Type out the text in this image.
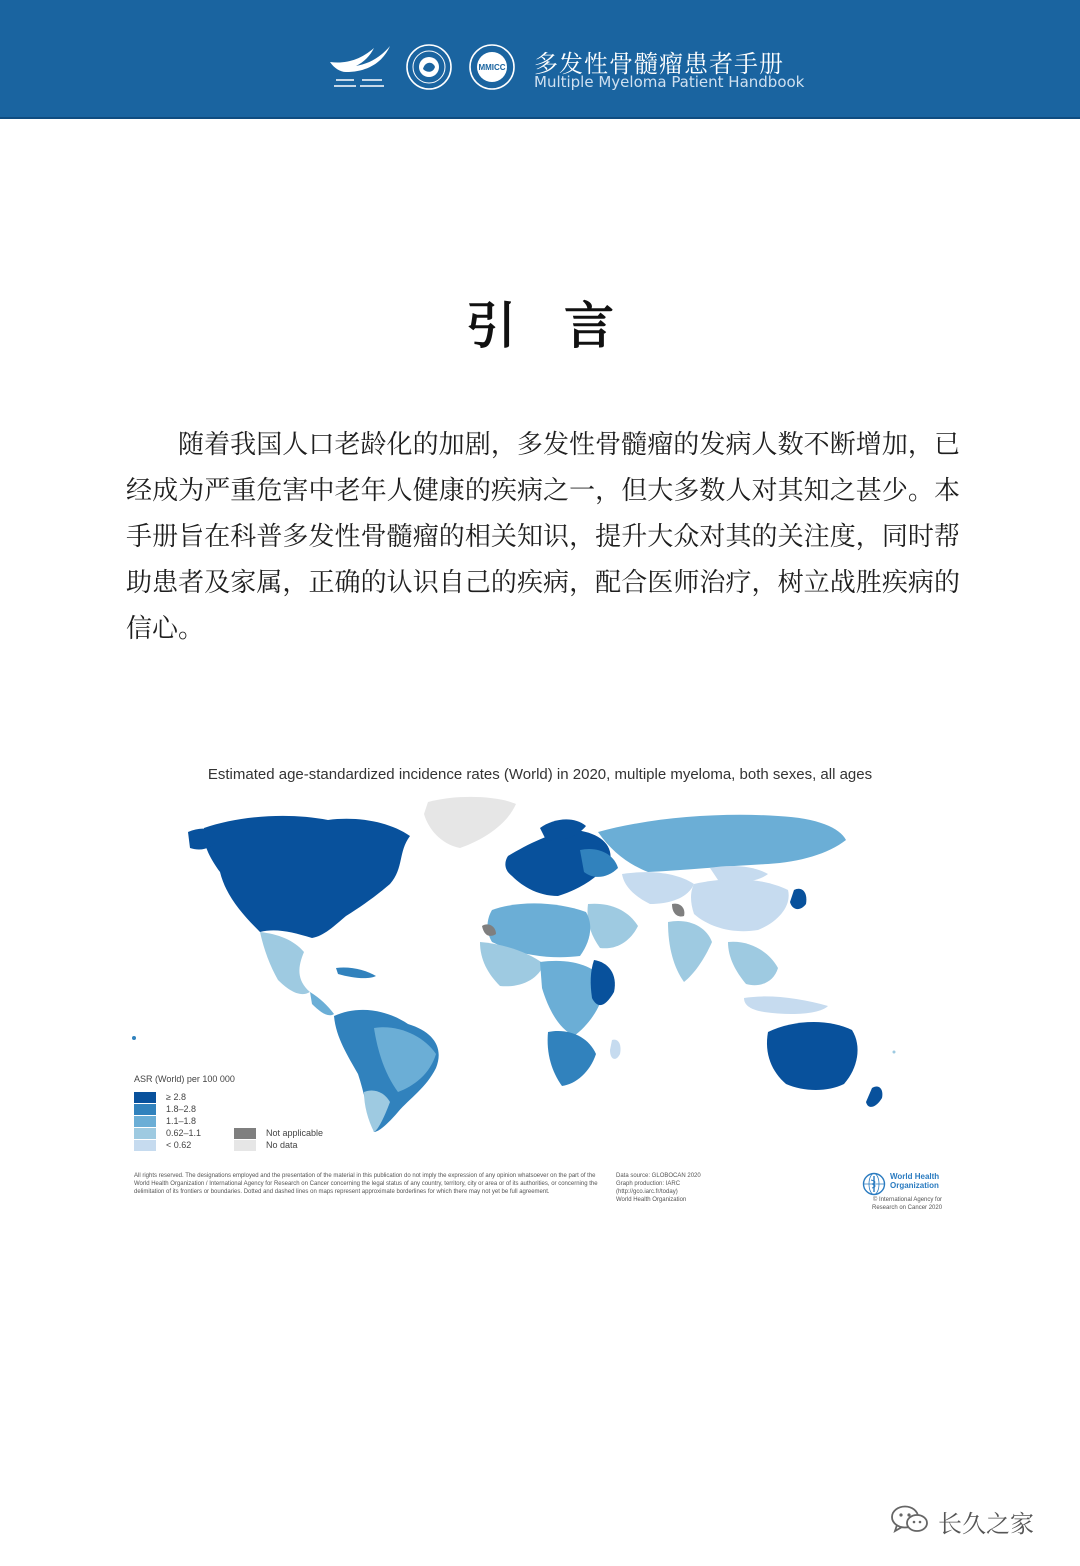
MMICC 多发性骨髓瘤患者手册
Multiple Myeloma Patient Handbook
引 言

随着我国人口老龄化的加剧，多发性骨髓瘤的发病人数不断增加，已经成为严重危害中老年人健康的疾病之一，但大多数人对其知之甚少。本手册旨在科普多发性骨髓瘤的相关知识，提升大众对其的关注度，同时帮助患者及家属，正确的认识自己的疾病，配合医师治疗，树立战胜疾病的信心。

Estimated age-standardized incidence rates (World) in 2020, multiple myeloma, both sexes, all ages
ASR (World) per 100 000
≥ 2.8
1.8–2.8
1.1–1.8
0.62–1.1
< 0.62
Not applicable
No data
All rights reserved. The designations employed and the presentation of the material in this publication do not imply the expression of any opinion whatsoever on the part of the World Health Organization / International Agency for Research on Cancer concerning the legal status of any country, territory, city or area or of its authorities, or concerning the delimitation of its frontiers or boundaries. Dotted and dashed lines on maps represent approximate borderlines for which there may not yet be full agreement.
Data source: GLOBOCAN 2020
Graph production: IARC
(http://gco.iarc.fr/today)
World Health Organization
World Health
Organization
© International Agency for
Research on Cancer 2020
长久之家
